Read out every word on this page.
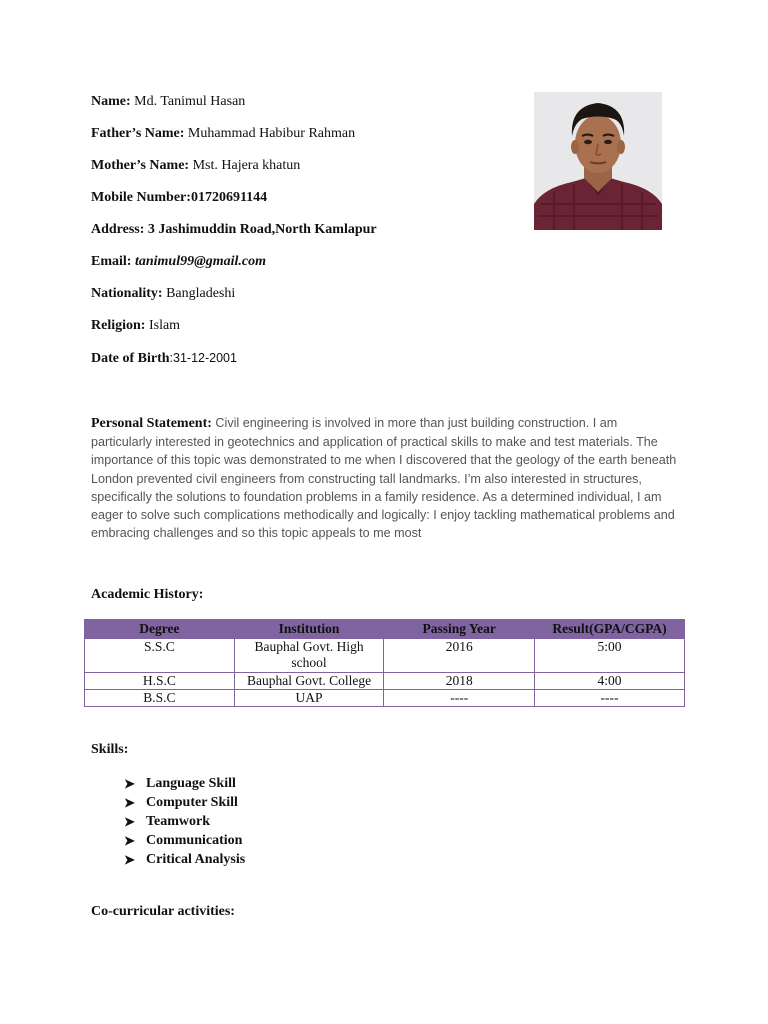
Name: Md. Tanimul Hasan
Father’s Name: Muhammad Habibur Rahman
Mother’s Name: Mst. Hajera khatun
Mobile Number:01720691144
Address: 3 Jashimuddin Road,North Kamlapur
Email: tanimul99@gmail.com
Nationality: Bangladeshi
Religion: Islam
Date of Birth:31-12-2001
Personal Statement: Civil engineering is involved in more than just building construction. I am particularly interested in geotechnics and application of practical skills to make and test materials. The importance of this topic was demonstrated to me when I discovered that the geology of the earth beneath London prevented civil engineers from constructing tall landmarks. I’m also interested in structures, specifically the solutions to foundation problems in a family residence. As a determined individual, I am eager to solve such complications methodically and logically: I enjoy tackling mathematical problems and embracing challenges and so this topic appeals to me most
Academic History:
Degree	Institution	Passing Year	Result(GPA/CGPA)
S.S.C	Bauphal Govt. High school	2016	5:00
H.S.C	Bauphal Govt. College	2018	4:00
B.S.C	UAP	----	----
Skills:
➤ Language Skill
➤ Computer Skill
➤ Teamwork
➤ Communication
➤ Critical Analysis
Co-curricular activities:
